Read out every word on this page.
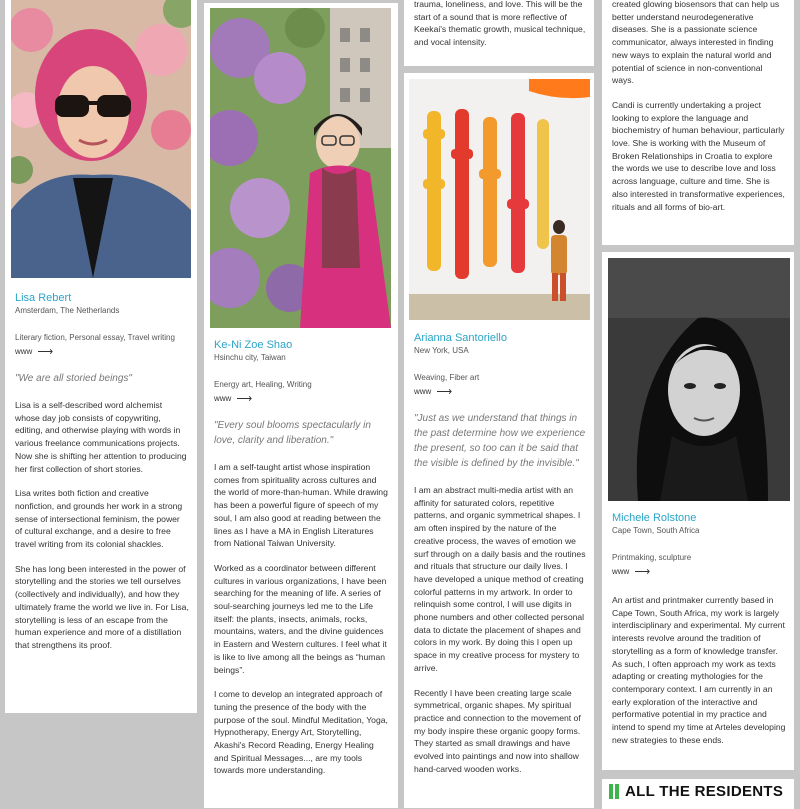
Lisa Rebert

Amsterdam, The Netherlands

Literary fiction, Personal essay, Travel writing

www ⟶

"We are all storied beings"

Lisa is a self-described word alchemist whose day job consists of copywriting, editing, and otherwise playing with words in various freelance communications projects. Now she is shifting her attention to producing her first collection of short stories.

Lisa writes both fiction and creative nonfiction, and grounds her work in a strong sense of intersectional feminism, the power of cultural exchange, and a desire to free travel writing from its colonial shackles.

She has long been interested in the power of storytelling and the stories we tell ourselves (collectively and individually), and how they ultimately frame the world we live in. For Lisa, storytelling is less of an escape from the human experience and more of a distillation that strengthens its proof.

Ke-Ni Zoe Shao

Hsinchu city, Taiwan

Energy art, Healing, Writing

www ⟶

"Every soul blooms spectacularly in love, clarity and liberation."

I am a self-taught artist whose inspiration comes from spirituality across cultures and the world of more-than-human. While drawing has been a powerful figure of speech of my soul, I am also good at reading between the lines as I have a MA in English Literatures from National Taiwan University.

Worked as a coordinator between different cultures in various organizations, I have been searching for the meaning of life. A series of soul-searching journeys led me to the Life itself: the plants, insects, animals, rocks, mountains, waters, and the divine guidences in Eastern and Western cultures. I feel what it is like to live among all the beings as “human beings”.

I come to develop an integrated approach of tuning the presence of the body with the purpose of the soul. Mindful Meditation, Yoga, Hypnotherapy, Energy Art, Storytelling, Akashi's Record Reading, Energy Healing and Spiritual Messages..., are my tools towards more understanding.

trauma, loneliness, and love. This will be the start of a sound that is more reflective of Keekai's thematic growth, musical technique, and vocal intensity.

Arianna Santoriello

New York, USA

Weaving, Fiber art

www ⟶

"Just as we understand that things in the past determine how we experience the present, so too can it be said that the visible is defined by the invisible."

I am an abstract multi-media artist with an affinity for saturated colors, repetitive patterns, and organic symmetrical shapes. I am often inspired by the nature of the creative process, the waves of emotion we surf through on a daily basis and the routines and rituals that structure our daily lives. I have developed a unique method of creating colorful patterns in my artwork. In order to relinquish some control, I will use digits in phone numbers and other collected personal data to dictate the placement of shapes and colors in my work. By doing this I open up space in my creative process for mystery to arrive.

Recently I have been creating large scale symmetrical, organic shapes. My spiritual practice and connection to the movement of my body inspire these organic goopy forms. They started as small drawings and have evolved into paintings and now into shallow hand-carved wooden works.

created glowing biosensors that can help us better understand neurodegenerative diseases. She is a passionate science communicator, always interested in finding new ways to explain the natural world and potential of science in non-conventional ways.

Candi is currently undertaking a project looking to explore the language and biochemistry of human behaviour, particularly love. She is working with the Museum of Broken Relationships in Croatia to explore the words we use to describe love and loss across language, culture and time. She is also interested in transformative experiences, rituals and all forms of bio-art.

Michele Rolstone

Cape Town, South Africa

Printmaking, sculpture

www ⟶

An artist and printmaker currently based in Cape Town, South Africa, my work is largely interdisciplinary and experimental. My current interests revolve around the tradition of storytelling as a form of knowledge transfer. As such, I often approach my work as texts adapting or creating mythologies for the contemporary context. I am currently in an early exploration of the interactive and performative potential in my practice and intend to spend my time at Arteles developing new strategies to these ends.

ALL THE RESIDENTS
